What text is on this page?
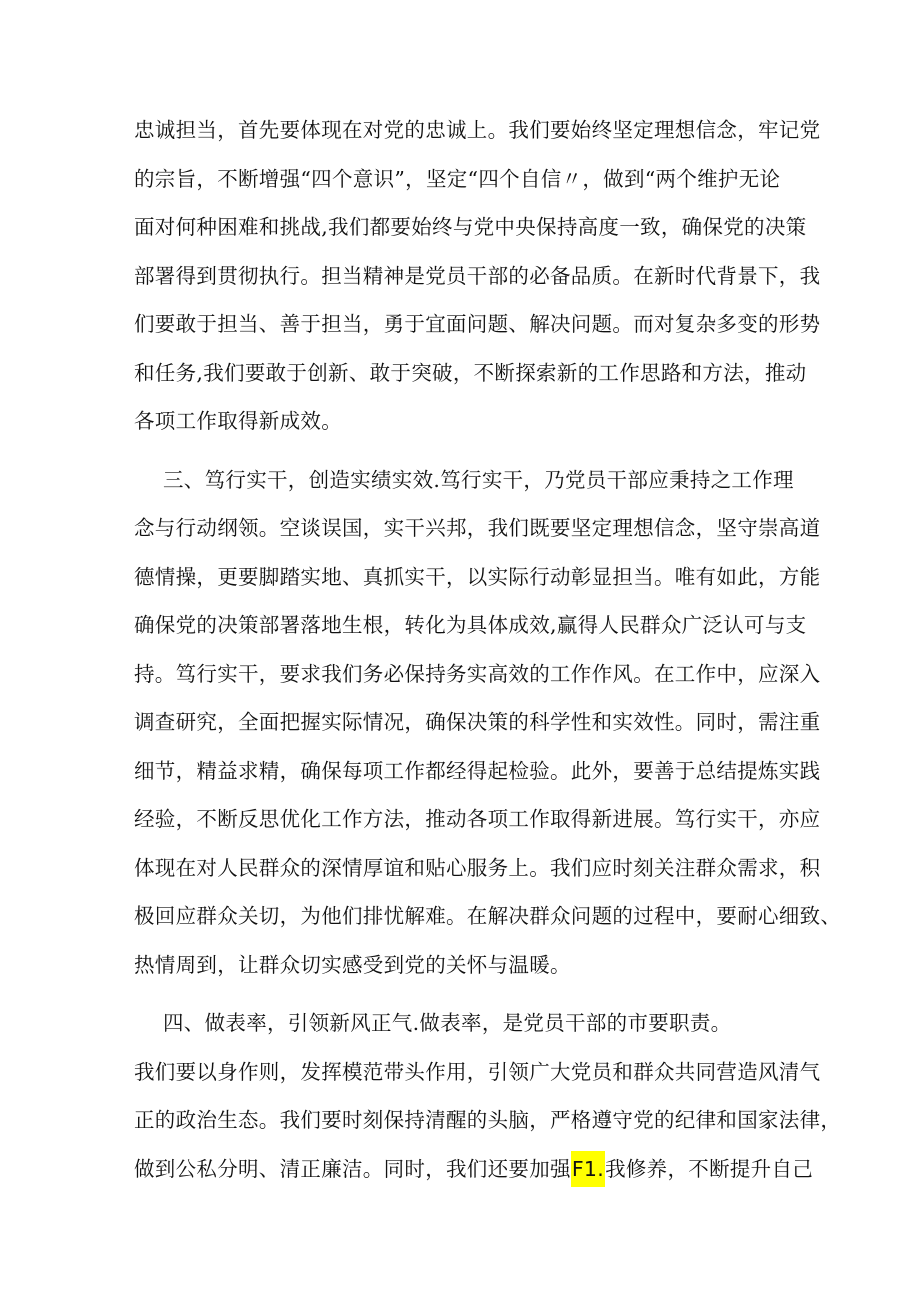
忠诚担当，首先要体现在对党的忠诚上。我们要始终坚定理想信念，牢记党
的宗旨，不断增强“四个意识”，坚定“四个自信〃，做到“两个维护无论
面对何种困难和挑战,我们都要始终与党中央保持高度一致，确保党的决策
部署得到贯彻执行。担当精神是党员干部的必备品质。在新时代背景下，我
们要敢于担当、善于担当，勇于宜面问题、解决问题。而对复杂多变的形势
和任务,我们要敢于创新、敢于突破，不断探索新的工作思路和方法，推动
各项工作取得新成效。
三、笃行实干，创造实绩实效.笃行实干，乃党员干部应秉持之工作理
念与行动纲领。空谈误国，实干兴邦，我们既要坚定理想信念，坚守崇高道
德情操，更要脚踏实地、真抓实干，以实际行动彰显担当。唯有如此，方能
确保党的决策部署落地生根，转化为具体成效,赢得人民群众广泛认可与支
持。笃行实干，要求我们务必保持务实高效的工作作风。在工作中，应深入
调查研究，全面把握实际情况，确保决策的科学性和实效性。同时，需注重
细节，精益求精，确保每项工作都经得起检验。此外，要善于总结提炼实践
经验，不断反思优化工作方法，推动各项工作取得新进展。笃行实干，亦应
体现在对人民群众的深情厚谊和贴心服务上。我们应时刻关注群众需求，积
极回应群众关切，为他们排忧解难。在解决群众问题的过程中，要耐心细致、
热情周到，让群众切实感受到党的关怀与温暖。
四、做表率，引领新风正气.做表率，是党员干部的市要职责。
我们要以身作则，发挥模范带头作用，引领广大党员和群众共同营造风清气
正的政治生态。我们要时刻保持清醒的头脑，严格遵守党的纪律和国家法律，
做到公私分明、清正廉洁。同时，我们还要加强F1.我修养，不断提升自己
